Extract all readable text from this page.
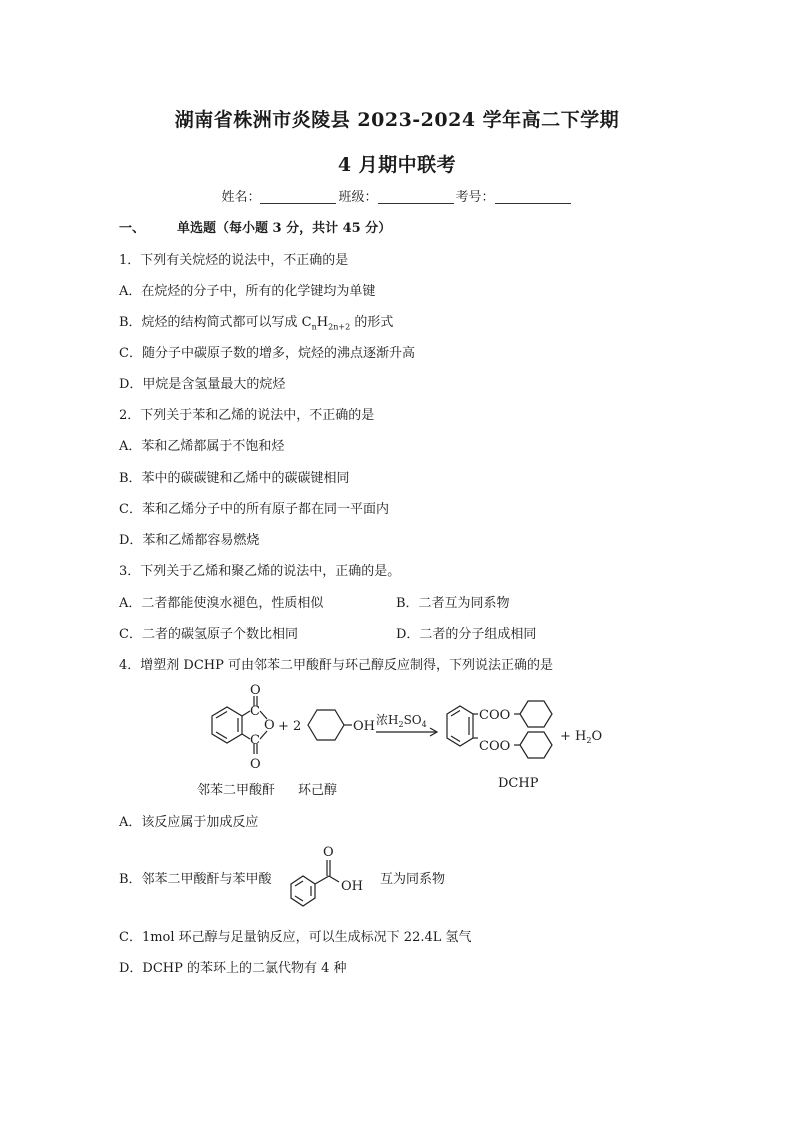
湖南省株洲市炎陵县 2023-2024 学年高二下学期
4 月期中联考
姓名：	班级：	考号：
一、 单选题（每小题 3 分，共计 45 分）
1．下列有关烷烃的说法中，不正确的是
A．在烷烃的分子中，所有的化学键均为单键
B．烷烃的结构简式都可以写成 $C_nH_{2n+2}$ 的形式
C．随分子中碳原子数的增多，烷烃的沸点逐渐升高
D．甲烷是含氢量最大的烷烃
2．下列关于苯和乙烯的说法中，不正确的是
A．苯和乙烯都属于不饱和烃
B．苯中的碳碳键和乙烯中的碳碳键相同
C．苯和乙烯分子中的所有原子都在同一平面内
D．苯和乙烯都容易燃烧
3．下列关于乙烯和聚乙烯的说法中，正确的是。
A．二者都能使溴水褪色，性质相似	B．二者互为同系物
C．二者的碳氢原子个数比相同	D．二者的分子组成相同
4．增塑剂 DCHP 可由邻苯二甲酸酐与环己醇反应制得，下列说法正确的是
O
O
C
C
O + 2	OH 浓$H_2SO_4$
COO
COO
+ $H_2O$
邻苯二甲酸酐 环己醇	DCHP
A．该反应属于加成反应
B．邻苯二甲酸酐与苯甲酸
O
OH 互为同系物
C．1mol 环己醇与足量钠反应，可以生成标况下 22.4L 氢气
D．DCHP 的苯环上的二氯代物有 4 种
